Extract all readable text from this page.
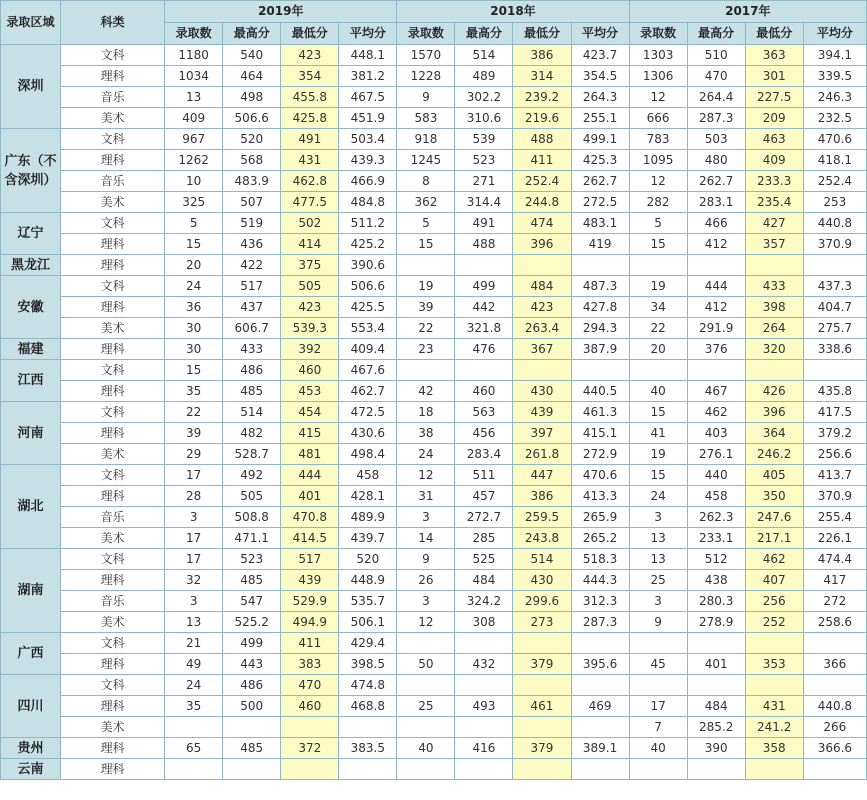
录取区域	科类	2019年				2018年				2017年			
		录取数	最高分	最低分	平均分	录取数	最高分	最低分	平均分	录取数	最高分	最低分	平均分
深圳	文科	1180	540	423	448.1	1570	514	386	423.7	1303	510	363	394.1
	理科	1034	464	354	381.2	1228	489	314	354.5	1306	470	301	339.5
	音乐	13	498	455.8	467.5	9	302.2	239.2	264.3	12	264.4	227.5	246.3
	美术	409	506.6	425.8	451.9	583	310.6	219.6	255.1	666	287.3	209	232.5
广东（不含深圳）	文科	967	520	491	503.4	918	539	488	499.1	783	503	463	470.6
	理科	1262	568	431	439.3	1245	523	411	425.3	1095	480	409	418.1
	音乐	10	483.9	462.8	466.9	8	271	252.4	262.7	12	262.7	233.3	252.4
	美术	325	507	477.5	484.8	362	314.4	244.8	272.5	282	283.1	235.4	253
辽宁	文科	5	519	502	511.2	5	491	474	483.1	5	466	427	440.8
	理科	15	436	414	425.2	15	488	396	419	15	412	357	370.9
黑龙江	理科	20	422	375	390.6								
安徽	文科	24	517	505	506.6	19	499	484	487.3	19	444	433	437.3
	理科	36	437	423	425.5	39	442	423	427.8	34	412	398	404.7
	美术	30	606.7	539.3	553.4	22	321.8	263.4	294.3	22	291.9	264	275.7
福建	理科	30	433	392	409.4	23	476	367	387.9	20	376	320	338.6
江西	文科	15	486	460	467.6								
	理科	35	485	453	462.7	42	460	430	440.5	40	467	426	435.8
河南	文科	22	514	454	472.5	18	563	439	461.3	15	462	396	417.5
	理科	39	482	415	430.6	38	456	397	415.1	41	403	364	379.2
	美术	29	528.7	481	498.4	24	283.4	261.8	272.9	19	276.1	246.2	256.6
湖北	文科	17	492	444	458	12	511	447	470.6	15	440	405	413.7
	理科	28	505	401	428.1	31	457	386	413.3	24	458	350	370.9
	音乐	3	508.8	470.8	489.9	3	272.7	259.5	265.9	3	262.3	247.6	255.4
	美术	17	471.1	414.5	439.7	14	285	243.8	265.2	13	233.1	217.1	226.1
湖南	文科	17	523	517	520	9	525	514	518.3	13	512	462	474.4
	理科	32	485	439	448.9	26	484	430	444.3	25	438	407	417
	音乐	3	547	529.9	535.7	3	324.2	299.6	312.3	3	280.3	256	272
	美术	13	525.2	494.9	506.1	12	308	273	287.3	9	278.9	252	258.6
广西	文科	21	499	411	429.4								
	理科	49	443	383	398.5	50	432	379	395.6	45	401	353	366
四川	文科	24	486	470	474.8								
	理科	35	500	460	468.8	25	493	461	469	17	484	431	440.8
	美术									7	285.2	241.2	266
贵州	理科	65	485	372	383.5	40	416	379	389.1	40	390	358	366.6
云南	理科												
